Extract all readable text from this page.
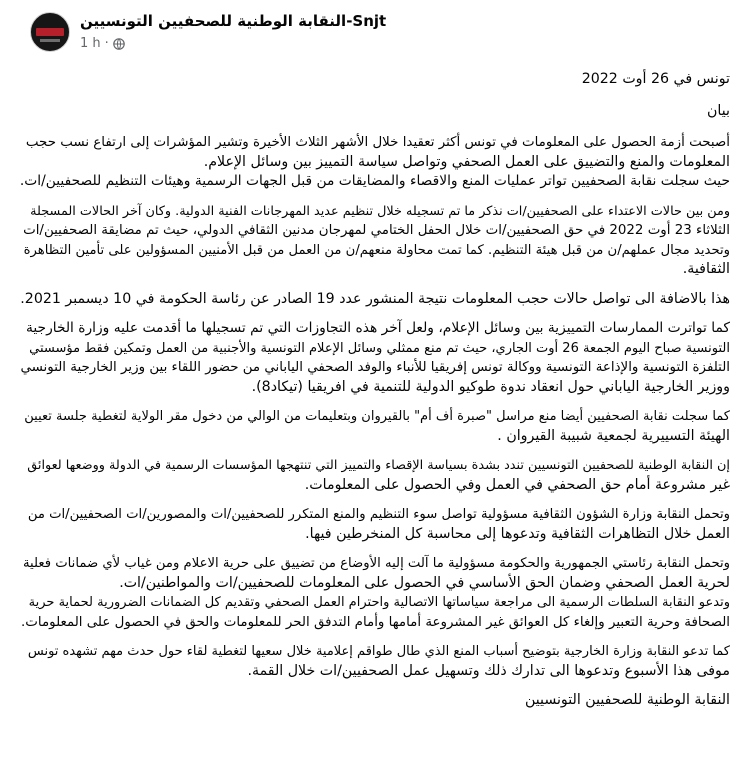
النقابة الوطنية للصحفيين التونسيين-Snjt
1 h ·

تونس في 26 أوت 2022

بيان

أصبحت أزمة الحصول على المعلومات في تونس أكثر تعقيدا خلال الأشهر الثلاث الأخيرة وتشير المؤشرات إلى ارتفاع نسب حجب
المعلومات والمنع والتضييق على العمل الصحفي وتواصل سياسة التمييز بين وسائل الإعلام.
حيث سجلت نقابة الصحفيين تواتر عمليات المنع والاقصاء والمضايقات من قبل الجهات الرسمية وهيئات التنظيم للصحفيين/ات.

ومن بين حالات الاعتداء على الصحفيين/ات نذكر ما تم تسجيله خلال تنظيم عديد المهرجانات الفنية الدولية. وكان آخر الحالات المسجلة
الثلاثاء 23 أوت 2022 في حق الصحفيين/ات خلال الحفل الختامي لمهرجان مدنين الثقافي الدولي، حيث تم مضايقة الصحفيين/ات
وتحديد مجال عملهم/ن من قبل هيئة التنظيم. كما تمت محاولة منعهم/ن من العمل من قبل الأمنيين المسؤولين على تأمين التظاهرة
الثقافية.

هذا بالاضافة الى تواصل حالات حجب المعلومات نتيجة المنشور عدد 19 الصادر عن رئاسة الحكومة في 10 ديسمبر 2021.

كما تواترت الممارسات التمييزية بين وسائل الإعلام، ولعل آخر هذه التجاوزات التي تم تسجيلها ما أقدمت عليه وزارة الخارجية
التونسية صباح اليوم الجمعة 26 أوت الجاري، حيث تم منع ممثلي وسائل الإعلام التونسية والأجنبية من العمل وتمكين فقط مؤسستي
التلفزة التونسية والإذاعة التونسية ووكالة تونس إفريقيا للأنباء والوفد الصحفي الياباني من حضور اللقاء بين وزير الخارجية التونسي
ووزير الخارجية الياباني حول انعقاد ندوة طوكيو الدولية للتنمية في افريقيا (تيكاد8).

كما سجلت نقابة الصحفيين أيضا منع مراسل "صبرة أف أم" بالقيروان وبتعليمات من الوالي من دخول مقر الولاية لتغطية جلسة تعيين
الهيئة التسييرية لجمعية شبيبة القيروان .

إن النقابة الوطنية للصحفيين التونسيين تندد بشدة بسياسة الإقصاء والتمييز التي تنتهجها المؤسسات الرسمية في الدولة ووضعها لعوائق
غير مشروعة أمام حق الصحفي في العمل وفي الحصول على المعلومات.

وتحمل النقابة وزارة الشؤون الثقافية مسؤولية تواصل سوء التنظيم والمنع المتكرر للصحفيين/ات والمصورين/ات الصحفيين/ات من
العمل خلال التظاهرات الثقافية وتدعوها إلى محاسبة كل المنخرطين فيها.

وتحمل النقابة رئاستي الجمهورية والحكومة مسؤولية ما آلت إليه الأوضاع من تضييق على حرية الاعلام ومن غياب لأي ضمانات فعلية
لحرية العمل الصحفي وضمان الحق الأساسي في الحصول على المعلومات للصحفيين/ات والمواطنين/ات.
وتدعو النقابة السلطات الرسمية الى مراجعة سياساتها الاتصالية واحترام العمل الصحفي وتقديم كل الضمانات الضرورية لحماية حرية
الصحافة وحرية التعبير وإلغاء كل العوائق غير المشروعة أمامها وأمام التدفق الحر للمعلومات والحق في الحصول على المعلومات.

كما تدعو النقابة وزارة الخارجية بتوضيح أسباب المنع الذي طال طواقم إعلامية خلال سعيها لتغطية لقاء حول حدث مهم تشهده تونس
موفى هذا الأسبوع وتدعوها الى تدارك ذلك وتسهيل عمل الصحفيين/ات خلال القمة.

النقابة الوطنية للصحفيين التونسيين
